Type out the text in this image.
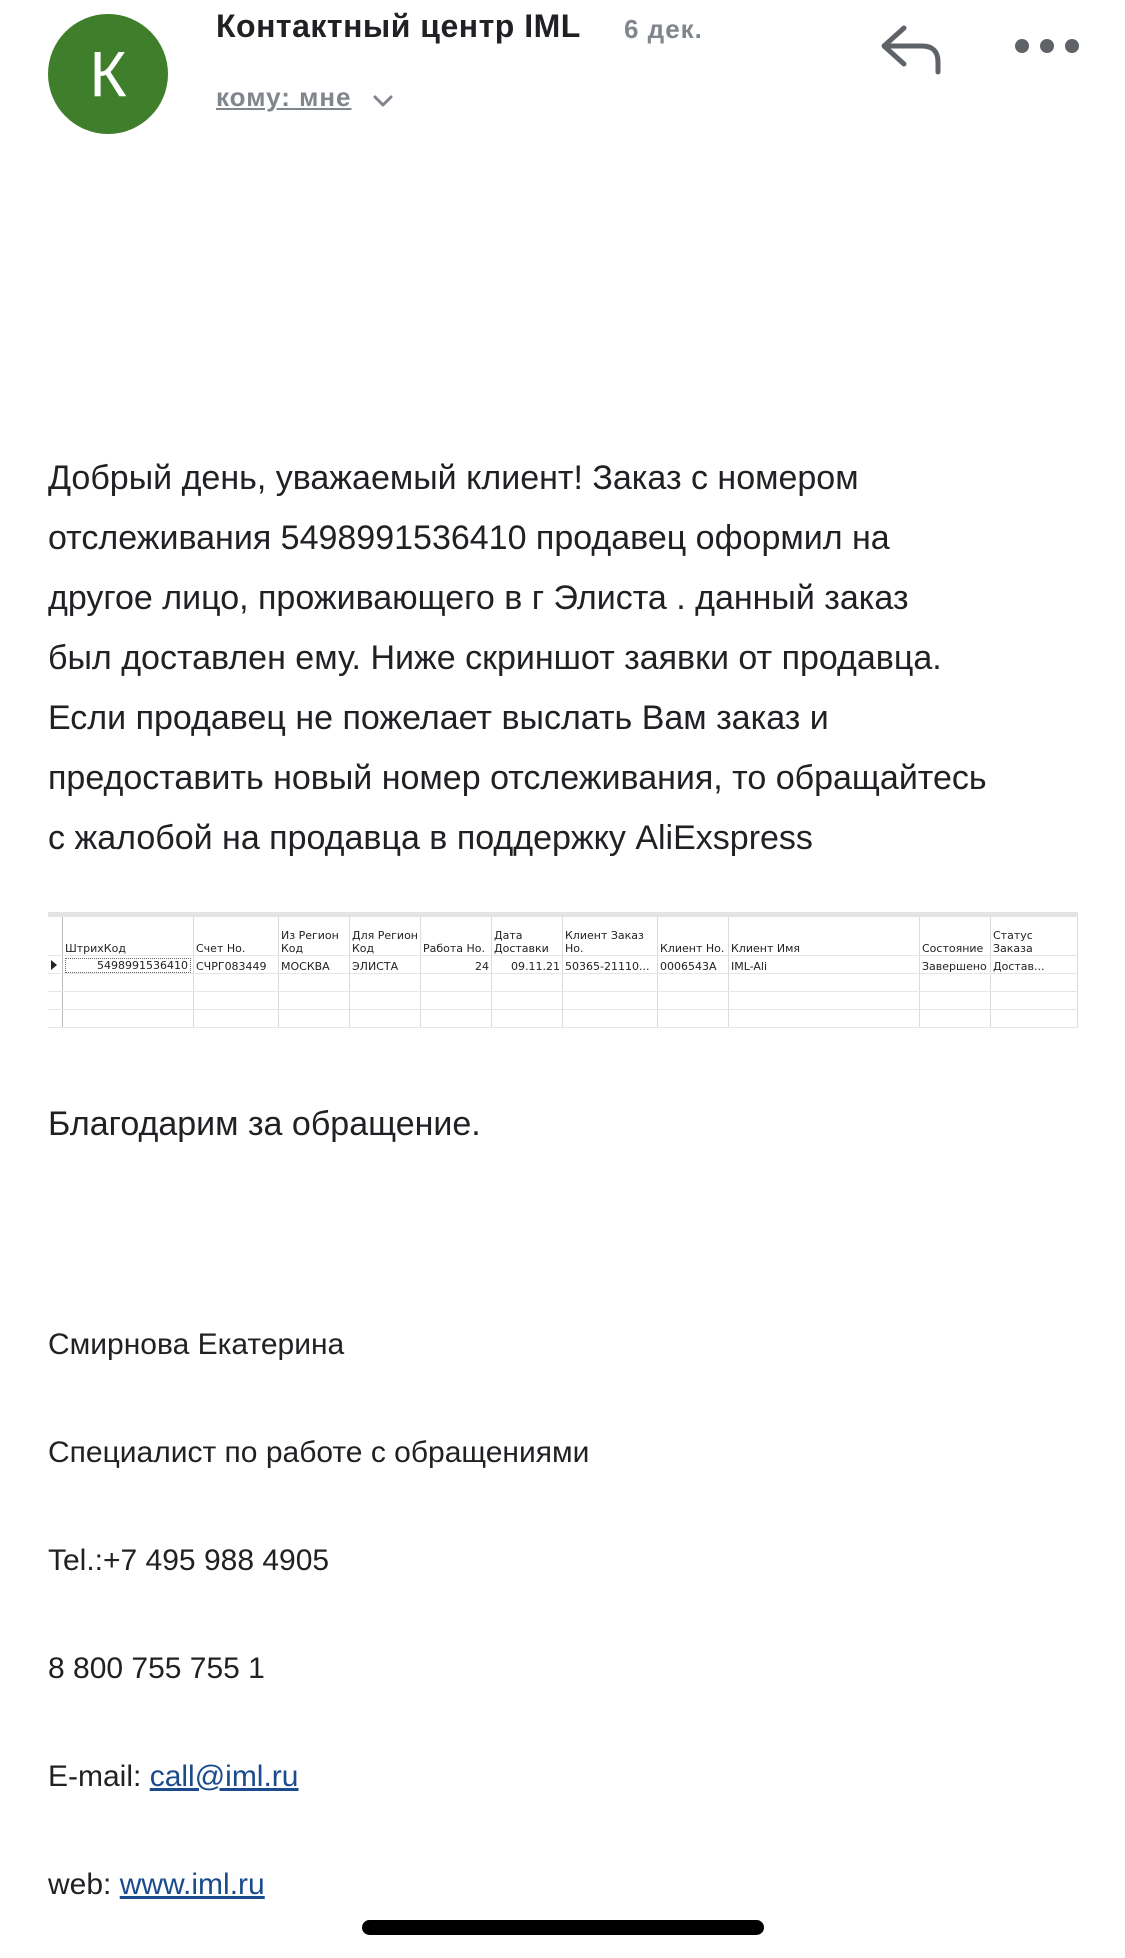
К
Контактный центр IML 6 дек.
кому: мне
Добрый день, уважаемый клиент! Заказ с номером
отслеживания 5498991536410 продавец оформил на
другое лицо, проживающего в г Элиста . данный заказ
был доставлен ему. Ниже скриншот заявки от продавца.
Если продавец не пожелает выслать Вам заказ и
предоставить новый номер отслеживания, то обращайтесь
с жалобой на продавца в поддержку AliExspress
	ШтрихКод	Счет Но.	Из Регион Код	Для Регион Код	Работа Но.	Дата Доставки	Клиент Заказ Но.	Клиент Но.	Клиент Имя	Состояние	Статус Заказа

	5498991536410	СЧРГ083449	МОСКВА	ЭЛИСТА	24	09.11.21	50365-21110...	0006543A	IML-Ali	Завершено	Достав...

Благодарим за обращение.
Смирнова Екатерина
Специалист по работе с обращениями
Tel.:+7 495 988 4905
8 800 755 755 1
E-mail: call@iml.ru
web: www.iml.ru
